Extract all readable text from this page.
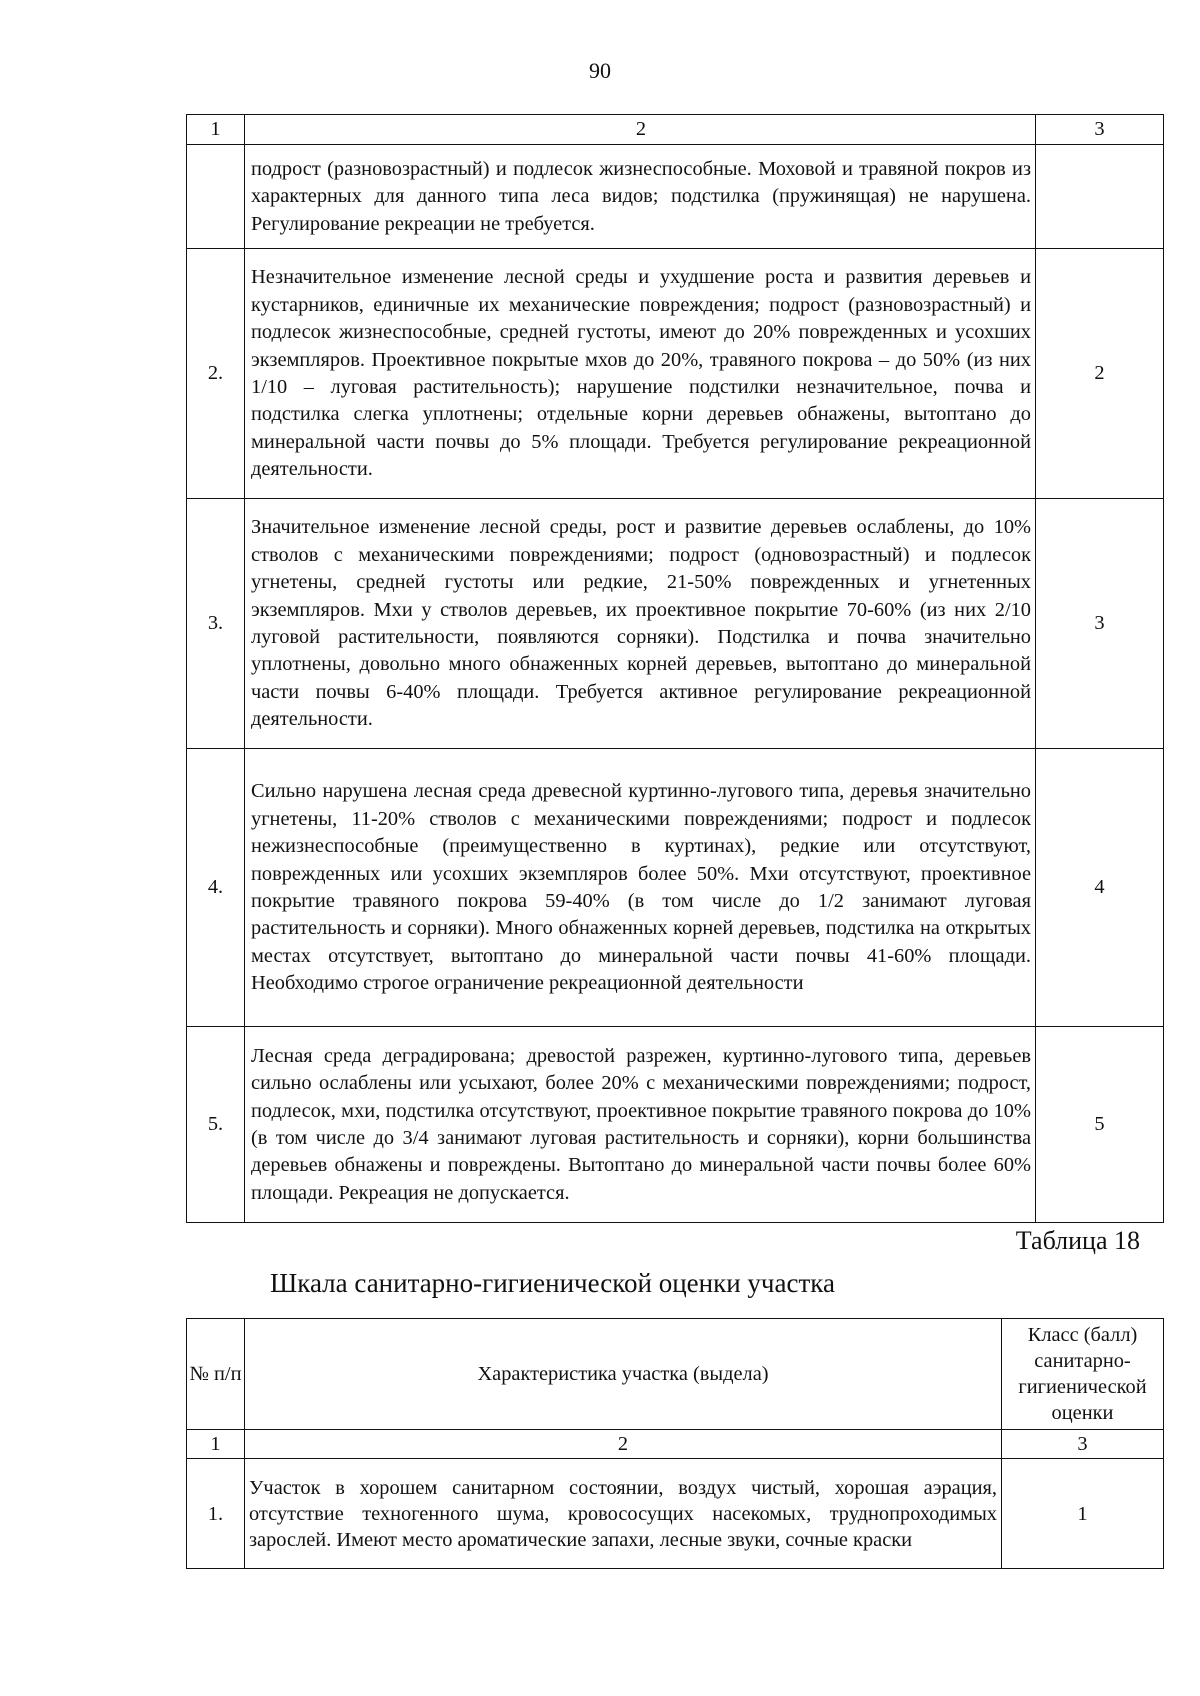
90
1	2	3
	подрост (разновозрастный) и подлесок жизнеспособные. Моховой и травяной покров из характерных для данного типа леса видов; подстилка (пружинящая) не нарушена. Регулирование рекреации не требуется.	
2.	Незначительное изменение лесной среды и ухудшение роста и развития деревьев и кустарников, единичные их механические повреждения; подрост (разновозрастный) и подлесок жизнеспособные, средней густоты, имеют до 20% поврежденных и усохших экземпляров. Проективное покрытые мхов до 20%, травяного покрова – до 50% (из них 1/10 – луговая растительность); нарушение подстилки незначительное, почва и подстилка слегка уплотнены; отдельные корни деревьев обнажены, вытоптано до минеральной части почвы до 5% площади. Требуется регулирование рекреационной деятельности.	2
3.	Значительное изменение лесной среды, рост и развитие деревьев ослаблены, до 10% стволов с механическими повреждениями; подрост (одновозрастный) и подлесок угнетены, средней густоты или редкие, 21-50% поврежденных и угнетенных экземпляров. Мхи у стволов деревьев, их проективное покрытие 70-60% (из них 2/10 луговой растительности, появляются сорняки). Подстилка и почва значительно уплотнены, довольно много обнаженных корней деревьев, вытоптано до минеральной части почвы 6-40% площади. Требуется активное регулирование рекреационной деятельности.	3
4.	Сильно нарушена лесная среда древесной куртинно-лугового типа, деревья значительно угнетены, 11-20% стволов с механическими повреждениями; подрост и подлесок нежизнеспособные (преимущественно в куртинах), редкие или отсутствуют, поврежденных или усохших экземпляров более 50%. Мхи отсутствуют, проективное покрытие травяного покрова 59-40% (в том числе до 1/2 занимают луговая растительность и сорняки). Много обнаженных корней деревьев, подстилка на открытых местах отсутствует, вытоптано до минеральной части почвы 41-60% площади. Необходимо строгое ограничение рекреационной деятельности	4
5.	Лесная среда деградирована; древостой разрежен, куртинно-лугового типа, деревьев сильно ослаблены или усыхают, более 20% с механическими повреждениями; подрост, подлесок, мхи, подстилка отсутствуют, проективное покрытие травяного покрова до 10% (в том числе до 3/4 занимают луговая растительность и сорняки), корни большинства деревьев обнажены и повреждены. Вытоптано до минеральной части почвы более 60% площади. Рекреация не допускается.	5
Таблица 18
Шкала санитарно-гигиенической оценки участка
№ п/п	Характеристика участка (выдела)	Класс (балл) санитарно-гигиенической оценки
1	2	3
1.	Участок в хорошем санитарном состоянии, воздух чистый, хорошая аэрация, отсутствие техногенного шума, кровососущих насекомых, труднопроходимых зарослей. Имеют место ароматические запахи, лесные звуки, сочные краски	1
